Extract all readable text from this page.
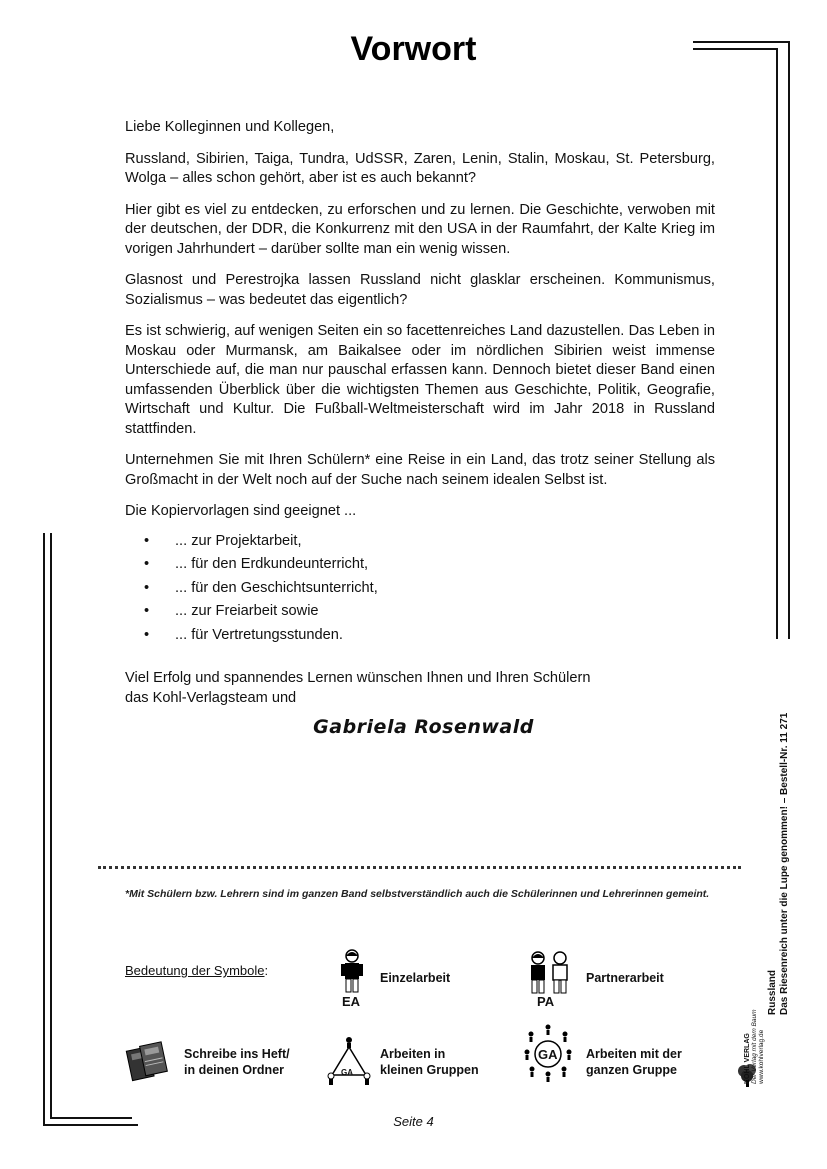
Vorwort

Liebe Kolleginnen und Kollegen,

Russland, Sibirien, Taiga, Tundra, UdSSR, Zaren, Lenin, Stalin, Moskau, St. Petersburg, Wolga – alles schon gehört, aber ist es auch bekannt?

Hier gibt es viel zu entdecken, zu erforschen und zu lernen. Die Geschichte, verwoben mit der deutschen, der DDR, die Konkurrenz mit den USA in der Raumfahrt, der Kalte Krieg im vorigen Jahrhundert – darüber sollte man ein wenig wissen.

Glasnost und Perestrojka lassen Russland nicht glasklar erscheinen. Kommunismus, Sozialismus – was bedeutet das eigentlich?

Es ist schwierig, auf wenigen Seiten ein so facettenreiches Land dazustellen. Das Leben in Moskau oder Murmansk, am Baikalsee oder im nördlichen Sibirien weist immense Unterschiede auf, die man nur pauschal erfassen kann. Dennoch bietet dieser Band einen umfassenden Überblick über die wichtigsten Themen aus Geschichte, Politik, Geografie, Wirtschaft und Kultur. Die Fußball-Weltmeisterschaft wird im Jahr 2018 in Russland stattfinden.

Unternehmen Sie mit Ihren Schülern* eine Reise in ein Land, das trotz seiner Stellung als Großmacht in der Welt noch auf der Suche nach seinem idealen Selbst ist.

Die Kopiervorlagen sind geeignet ...

• ... zur Projektarbeit,
• ... für den Erdkundeunterricht,
• ... für den Geschichtsunterricht,
• ... zur Freiarbeit sowie
• ... für Vertretungsstunden.
Viel Erfolg und spannendes Lernen wünschen Ihnen und Ihren Schülern
das Kohl-Verlagsteam und
Gabriela Rosenwald
*Mit Schülern bzw. Lehrern sind im ganzen Band selbstverständlich auch die Schülerinnen und Lehrerinnen gemeint.
Bedeutung der Symbole:
EA
Einzelarbeit
PA
Partnerarbeit
Schreibe ins Heft/
in deinen Ordner	GA
Arbeiten in
kleinen Gruppen
GA Arbeiten mit der
ganzen Gruppe
Russland Das Riesenreich unter die Lupe genommen! – Bestell-Nr. 11 271
KOHL VERLAG Der Verlag mit dem Baum www.kohlverlag.de
Seite 4
